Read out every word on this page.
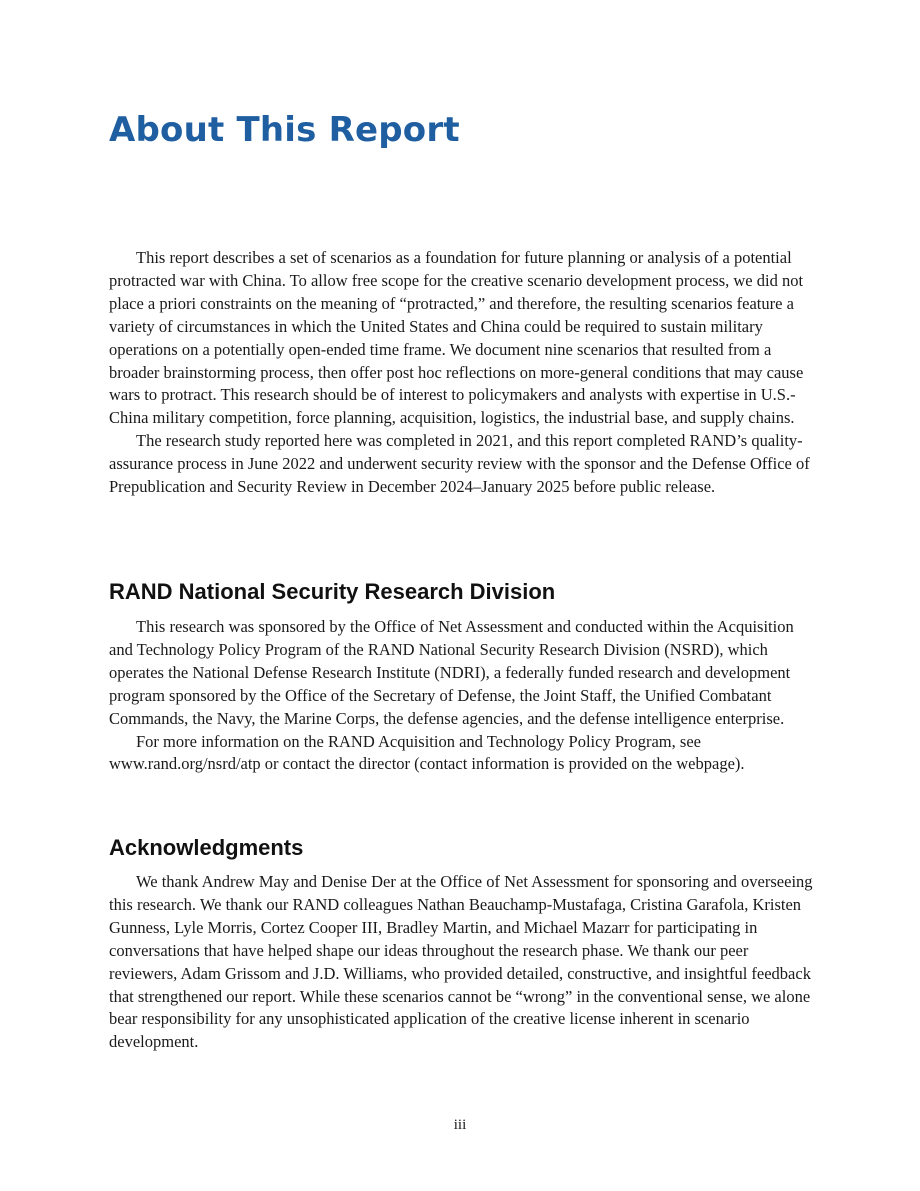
About This Report

This report describes a set of scenarios as a foundation for future planning or analysis of a potential protracted war with China. To allow free scope for the creative scenario development process, we did not place a priori constraints on the meaning of “protracted,” and therefore, the resulting scenarios feature a variety of circumstances in which the United States and China could be required to sustain military operations on a potentially open-ended time frame. We document nine scenarios that resulted from a broader brainstorming process, then offer post hoc reflections on more-general conditions that may cause wars to protract. This research should be of interest to policymakers and analysts with expertise in U.S.-China military competition, force planning, acquisition, logistics, the industrial base, and supply chains.

The research study reported here was completed in 2021, and this report completed RAND’s quality-assurance process in June 2022 and underwent security review with the sponsor and the Defense Office of Prepublication and Security Review in December 2024–January 2025 before public release.

RAND National Security Research Division

This research was sponsored by the Office of Net Assessment and conducted within the Acquisition and Technology Policy Program of the RAND National Security Research Division (NSRD), which operates the National Defense Research Institute (NDRI), a federally funded research and development program sponsored by the Office of the Secretary of Defense, the Joint Staff, the Unified Combatant Commands, the Navy, the Marine Corps, the defense agencies, and the defense intelligence enterprise.

For more information on the RAND Acquisition and Technology Policy Program, see www.rand.org/nsrd/atp or contact the director (contact information is provided on the webpage).

Acknowledgments

We thank Andrew May and Denise Der at the Office of Net Assessment for sponsoring and overseeing this research. We thank our RAND colleagues Nathan Beauchamp-Mustafaga, Cristina Garafola, Kristen Gunness, Lyle Morris, Cortez Cooper III, Bradley Martin, and Michael Mazarr for participating in conversations that have helped shape our ideas throughout the research phase. We thank our peer reviewers, Adam Grissom and J.D. Williams, who provided detailed, constructive, and insightful feedback that strengthened our report. While these scenarios cannot be “wrong” in the conventional sense, we alone bear responsibility for any unsophisticated application of the creative license inherent in scenario development.

iii
